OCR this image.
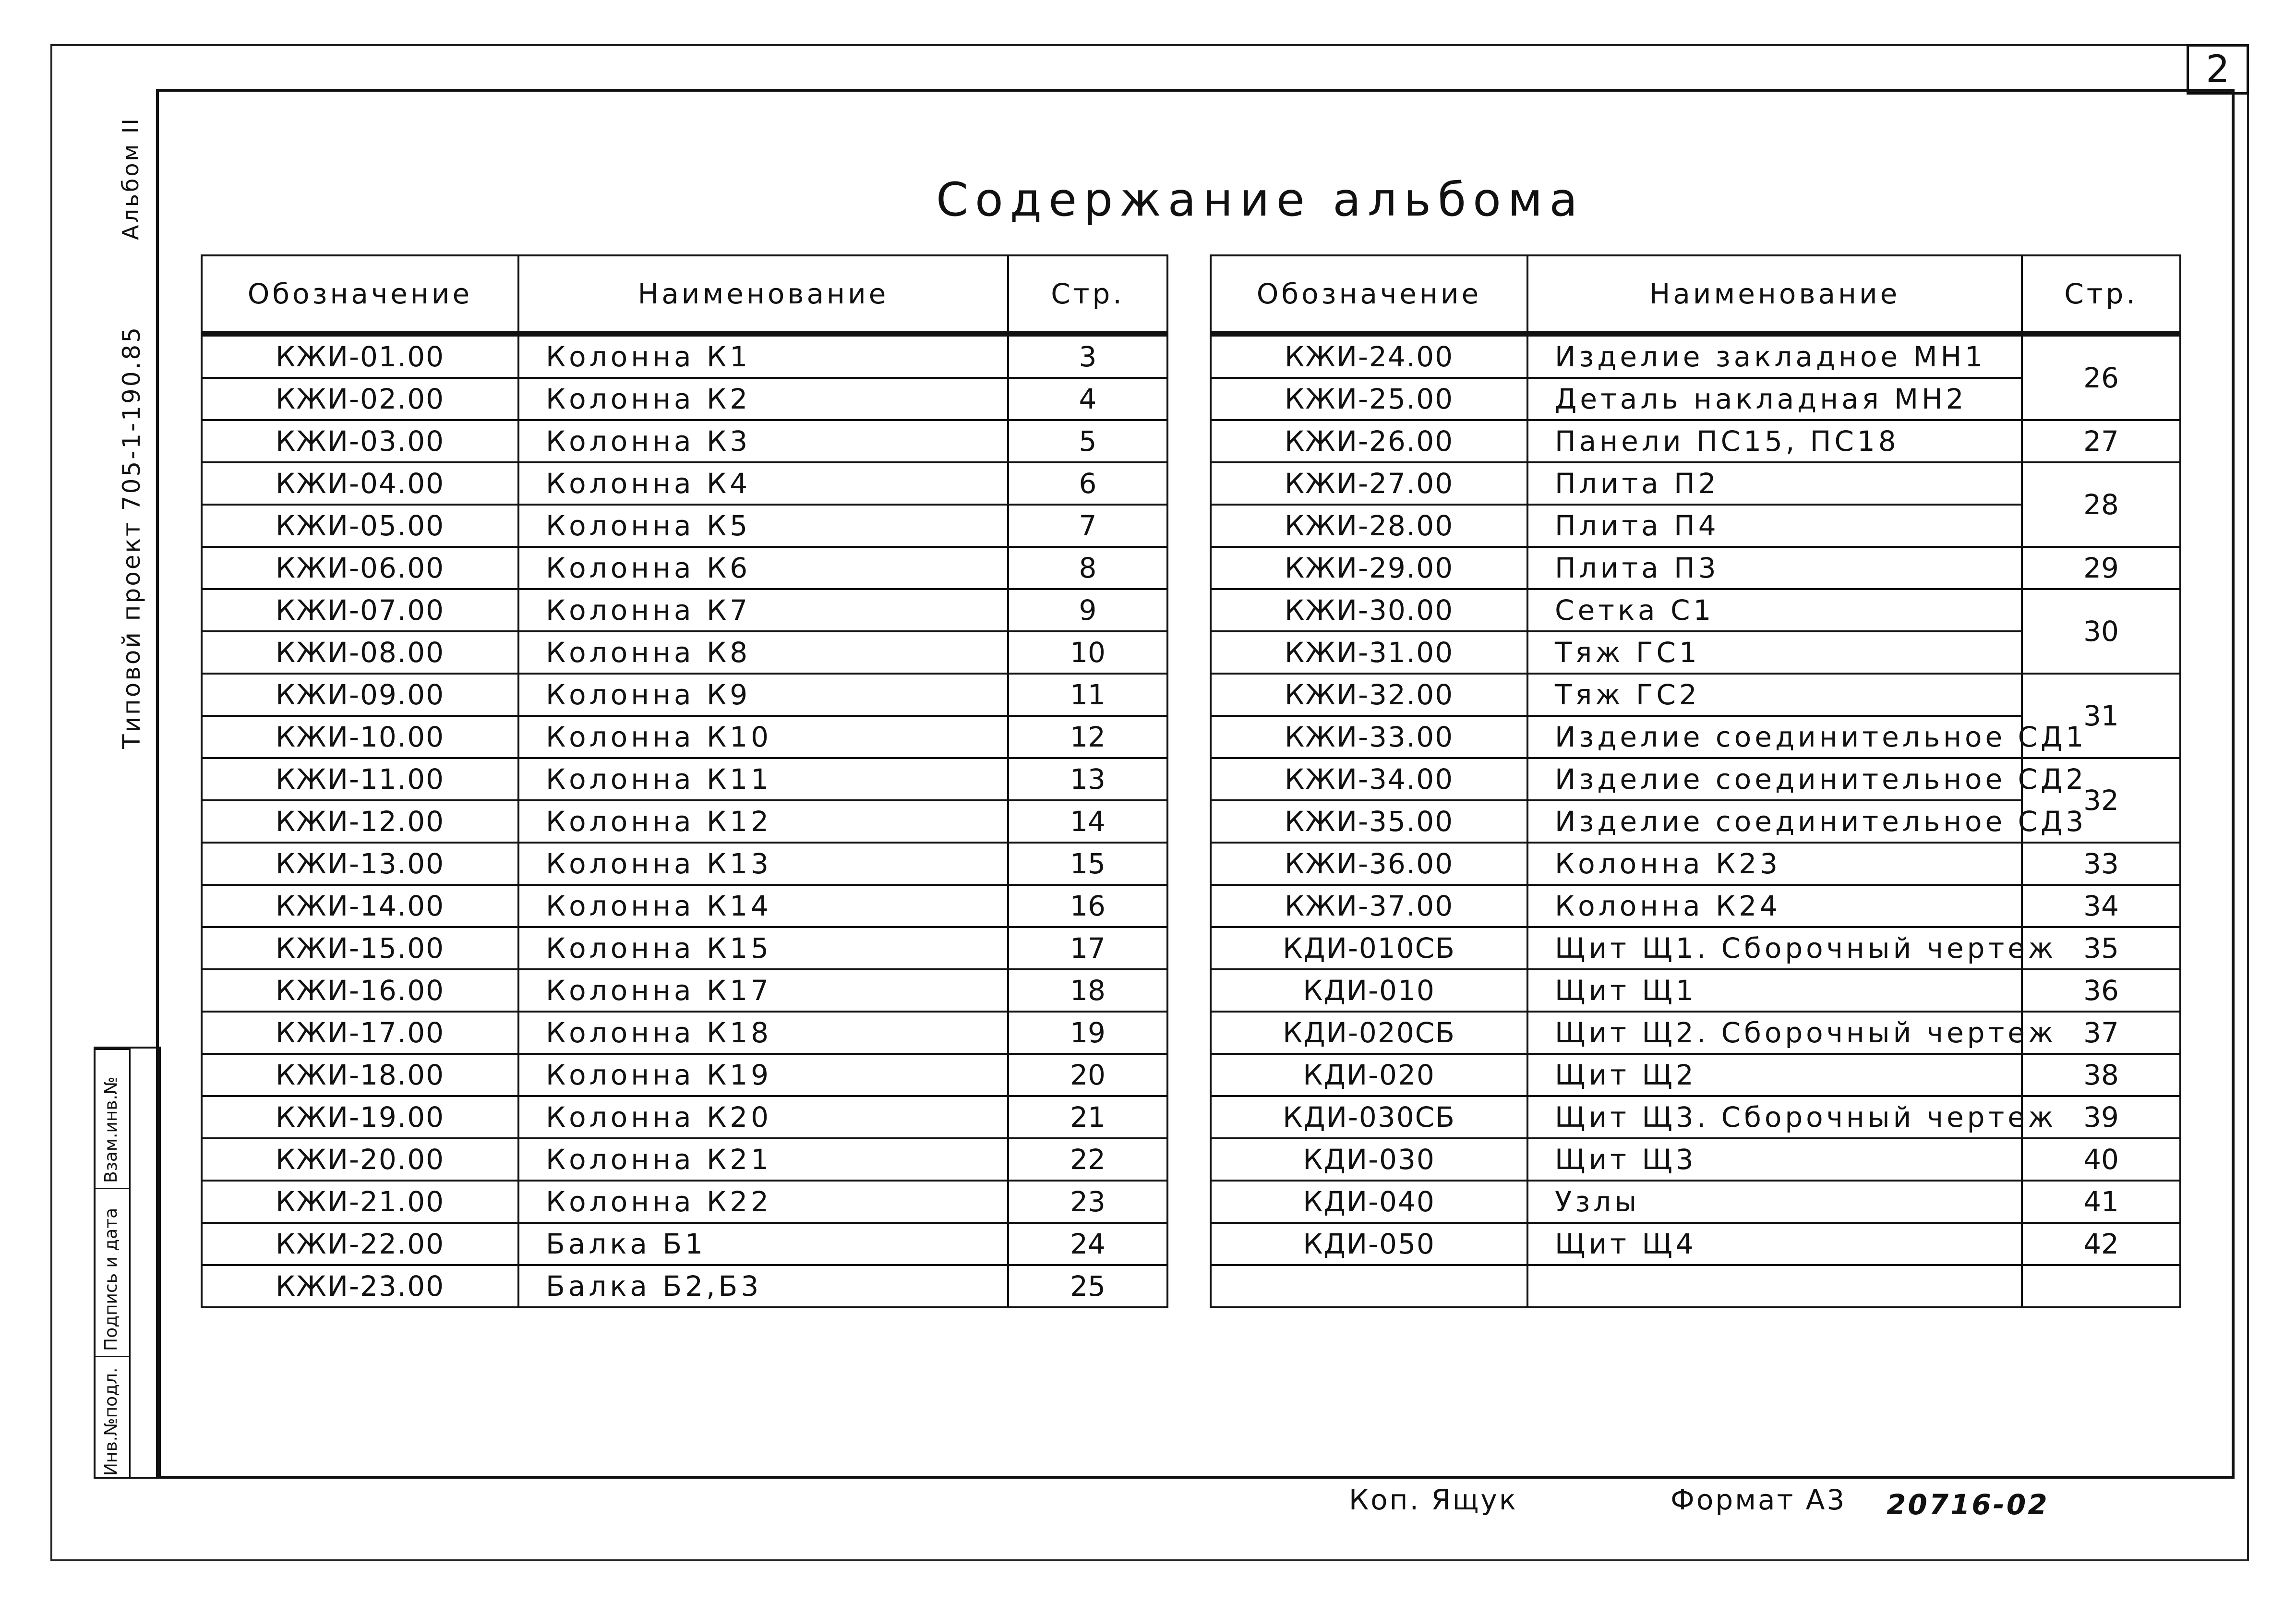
2
Типовой проект 705-1-190.85
Альбом II
Взам.инв.№
Подпись и дата
Инв.№подл.
Содержание альбома
Обозначение	Наименование	Стр.
КЖИ-01.00	Колонна К1	3
КЖИ-02.00	Колонна К2	4
КЖИ-03.00	Колонна К3	5
КЖИ-04.00	Колонна К4	6
КЖИ-05.00	Колонна К5	7
КЖИ-06.00	Колонна К6	8
КЖИ-07.00	Колонна К7	9
КЖИ-08.00	Колонна К8	10
КЖИ-09.00	Колонна К9	11
КЖИ-10.00	Колонна К10	12
КЖИ-11.00	Колонна К11	13
КЖИ-12.00	Колонна К12	14
КЖИ-13.00	Колонна К13	15
КЖИ-14.00	Колонна К14	16
КЖИ-15.00	Колонна К15	17
КЖИ-16.00	Колонна К17	18
КЖИ-17.00	Колонна К18	19
КЖИ-18.00	Колонна К19	20
КЖИ-19.00	Колонна К20	21
КЖИ-20.00	Колонна К21	22
КЖИ-21.00	Колонна К22	23
КЖИ-22.00	Балка Б1	24
КЖИ-23.00	Балка Б2,Б3	25
Обозначение	Наименование	Стр.
КЖИ-24.00	Изделие закладное МН1	26
КЖИ-25.00	Деталь накладная МН2	
КЖИ-26.00	Панели ПС15, ПС18	27
КЖИ-27.00	Плита П2	28
КЖИ-28.00	Плита П4	
КЖИ-29.00	Плита П3	29
КЖИ-30.00	Сетка С1	30
КЖИ-31.00	Тяж ГС1	
КЖИ-32.00	Тяж ГС2	31
КЖИ-33.00	Изделие соединительное СД1	
КЖИ-34.00	Изделие соединительное СД2	32
КЖИ-35.00	Изделие соединительное СД3	
КЖИ-36.00	Колонна К23	33
КЖИ-37.00	Колонна К24	34
КДИ-010СБ	Щит Щ1. Сборочный чертеж	35
КДИ-010	Щит Щ1	36
КДИ-020СБ	Щит Щ2. Сборочный чертеж	37
КДИ-020	Щит Щ2	38
КДИ-030СБ	Щит Щ3. Сборочный чертеж	39
КДИ-030	Щит Щ3	40
КДИ-040	Узлы	41
КДИ-050	Щит Щ4	42

Коп. Ящук	Формат А3 20716-02
